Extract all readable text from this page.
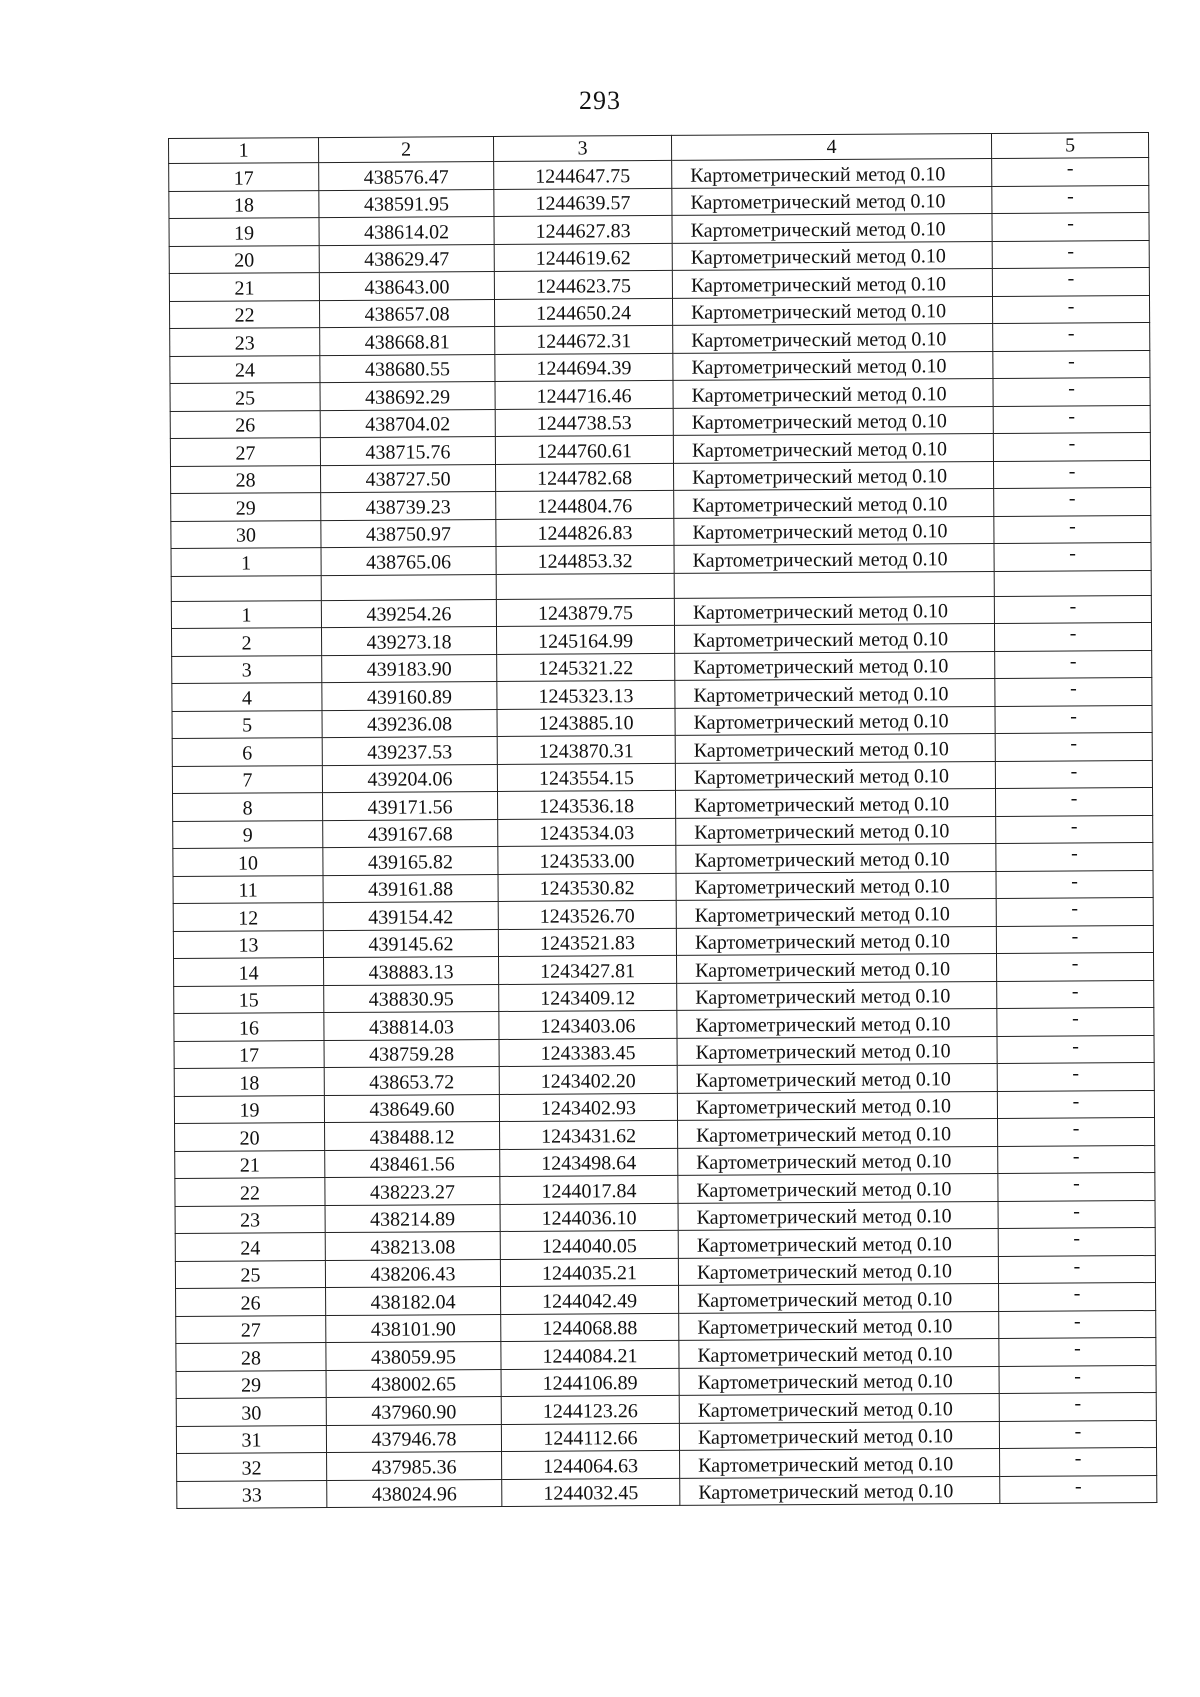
293
1	2	3	4	5
17	438576.47	1244647.75	Картометрический метод 0.10	-
18	438591.95	1244639.57	Картометрический метод 0.10	-
19	438614.02	1244627.83	Картометрический метод 0.10	-
20	438629.47	1244619.62	Картометрический метод 0.10	-
21	438643.00	1244623.75	Картометрический метод 0.10	-
22	438657.08	1244650.24	Картометрический метод 0.10	-
23	438668.81	1244672.31	Картометрический метод 0.10	-
24	438680.55	1244694.39	Картометрический метод 0.10	-
25	438692.29	1244716.46	Картометрический метод 0.10	-
26	438704.02	1244738.53	Картометрический метод 0.10	-
27	438715.76	1244760.61	Картометрический метод 0.10	-
28	438727.50	1244782.68	Картометрический метод 0.10	-
29	438739.23	1244804.76	Картометрический метод 0.10	-
30	438750.97	1244826.83	Картометрический метод 0.10	-
1	438765.06	1244853.32	Картометрический метод 0.10	-

1	439254.26	1243879.75	Картометрический метод 0.10	-
2	439273.18	1245164.99	Картометрический метод 0.10	-
3	439183.90	1245321.22	Картометрический метод 0.10	-
4	439160.89	1245323.13	Картометрический метод 0.10	-
5	439236.08	1243885.10	Картометрический метод 0.10	-
6	439237.53	1243870.31	Картометрический метод 0.10	-
7	439204.06	1243554.15	Картометрический метод 0.10	-
8	439171.56	1243536.18	Картометрический метод 0.10	-
9	439167.68	1243534.03	Картометрический метод 0.10	-
10	439165.82	1243533.00	Картометрический метод 0.10	-
11	439161.88	1243530.82	Картометрический метод 0.10	-
12	439154.42	1243526.70	Картометрический метод 0.10	-
13	439145.62	1243521.83	Картометрический метод 0.10	-
14	438883.13	1243427.81	Картометрический метод 0.10	-
15	438830.95	1243409.12	Картометрический метод 0.10	-
16	438814.03	1243403.06	Картометрический метод 0.10	-
17	438759.28	1243383.45	Картометрический метод 0.10	-
18	438653.72	1243402.20	Картометрический метод 0.10	-
19	438649.60	1243402.93	Картометрический метод 0.10	-
20	438488.12	1243431.62	Картометрический метод 0.10	-
21	438461.56	1243498.64	Картометрический метод 0.10	-
22	438223.27	1244017.84	Картометрический метод 0.10	-
23	438214.89	1244036.10	Картометрический метод 0.10	-
24	438213.08	1244040.05	Картометрический метод 0.10	-
25	438206.43	1244035.21	Картометрический метод 0.10	-
26	438182.04	1244042.49	Картометрический метод 0.10	-
27	438101.90	1244068.88	Картометрический метод 0.10	-
28	438059.95	1244084.21	Картометрический метод 0.10	-
29	438002.65	1244106.89	Картометрический метод 0.10	-
30	437960.90	1244123.26	Картометрический метод 0.10	-
31	437946.78	1244112.66	Картометрический метод 0.10	-
32	437985.36	1244064.63	Картометрический метод 0.10	-
33	438024.96	1244032.45	Картометрический метод 0.10	-
